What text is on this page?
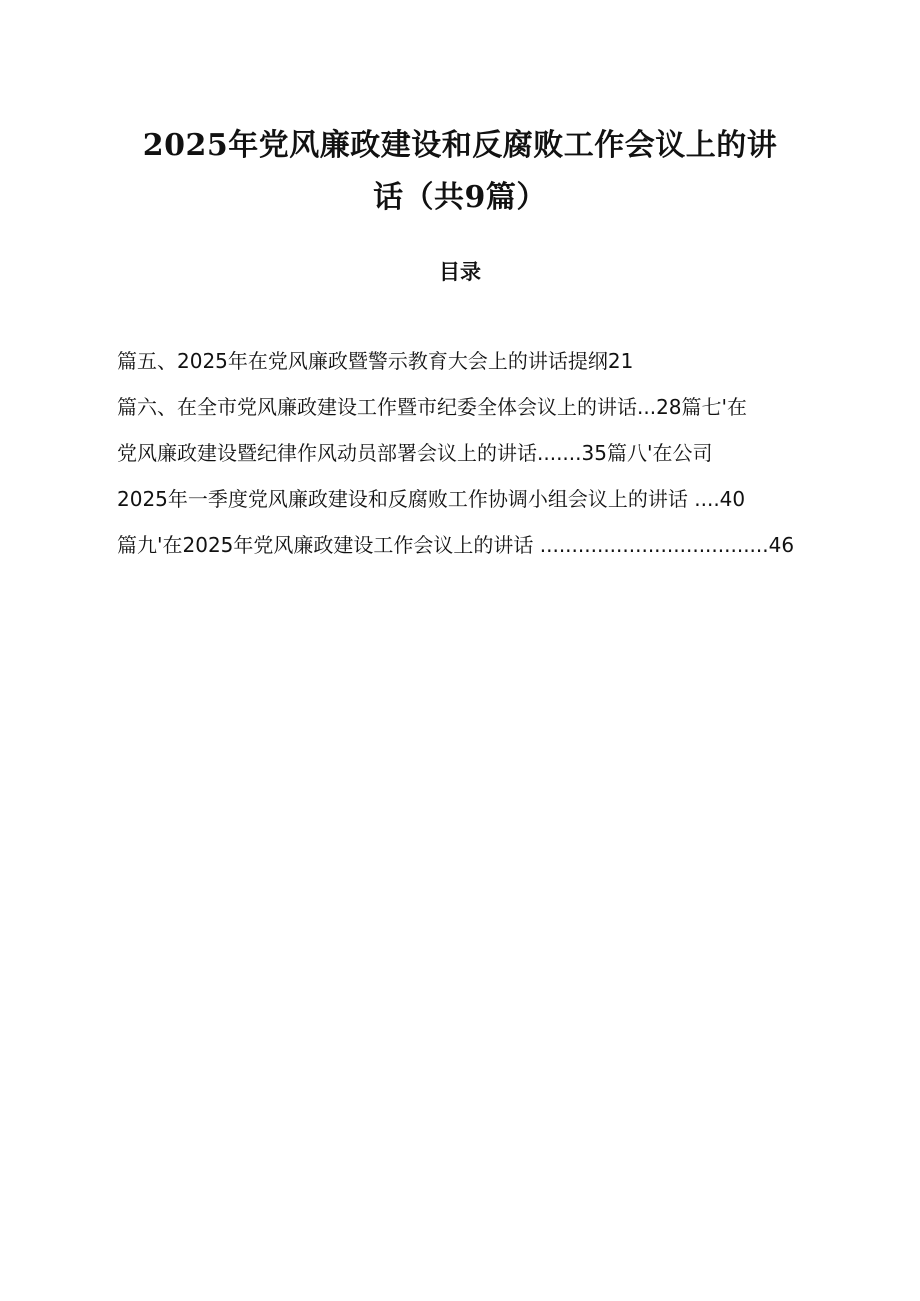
2025年党风廉政建设和反腐败工作会议上的讲
话（共9篇）
目录
篇五、2025年在党风廉政暨警示教育大会上的讲话提纲21
篇六、在全市党风廉政建设工作暨市纪委全体会议上的讲话...28篇七'在
党风廉政建设暨纪律作风动员部署会议上的讲话.......35篇八'在公司
2025年一季度党风廉政建设和反腐败工作协调小组会议上的讲话 ....40
篇九'在2025年党风廉政建设工作会议上的讲话 ....................................46
